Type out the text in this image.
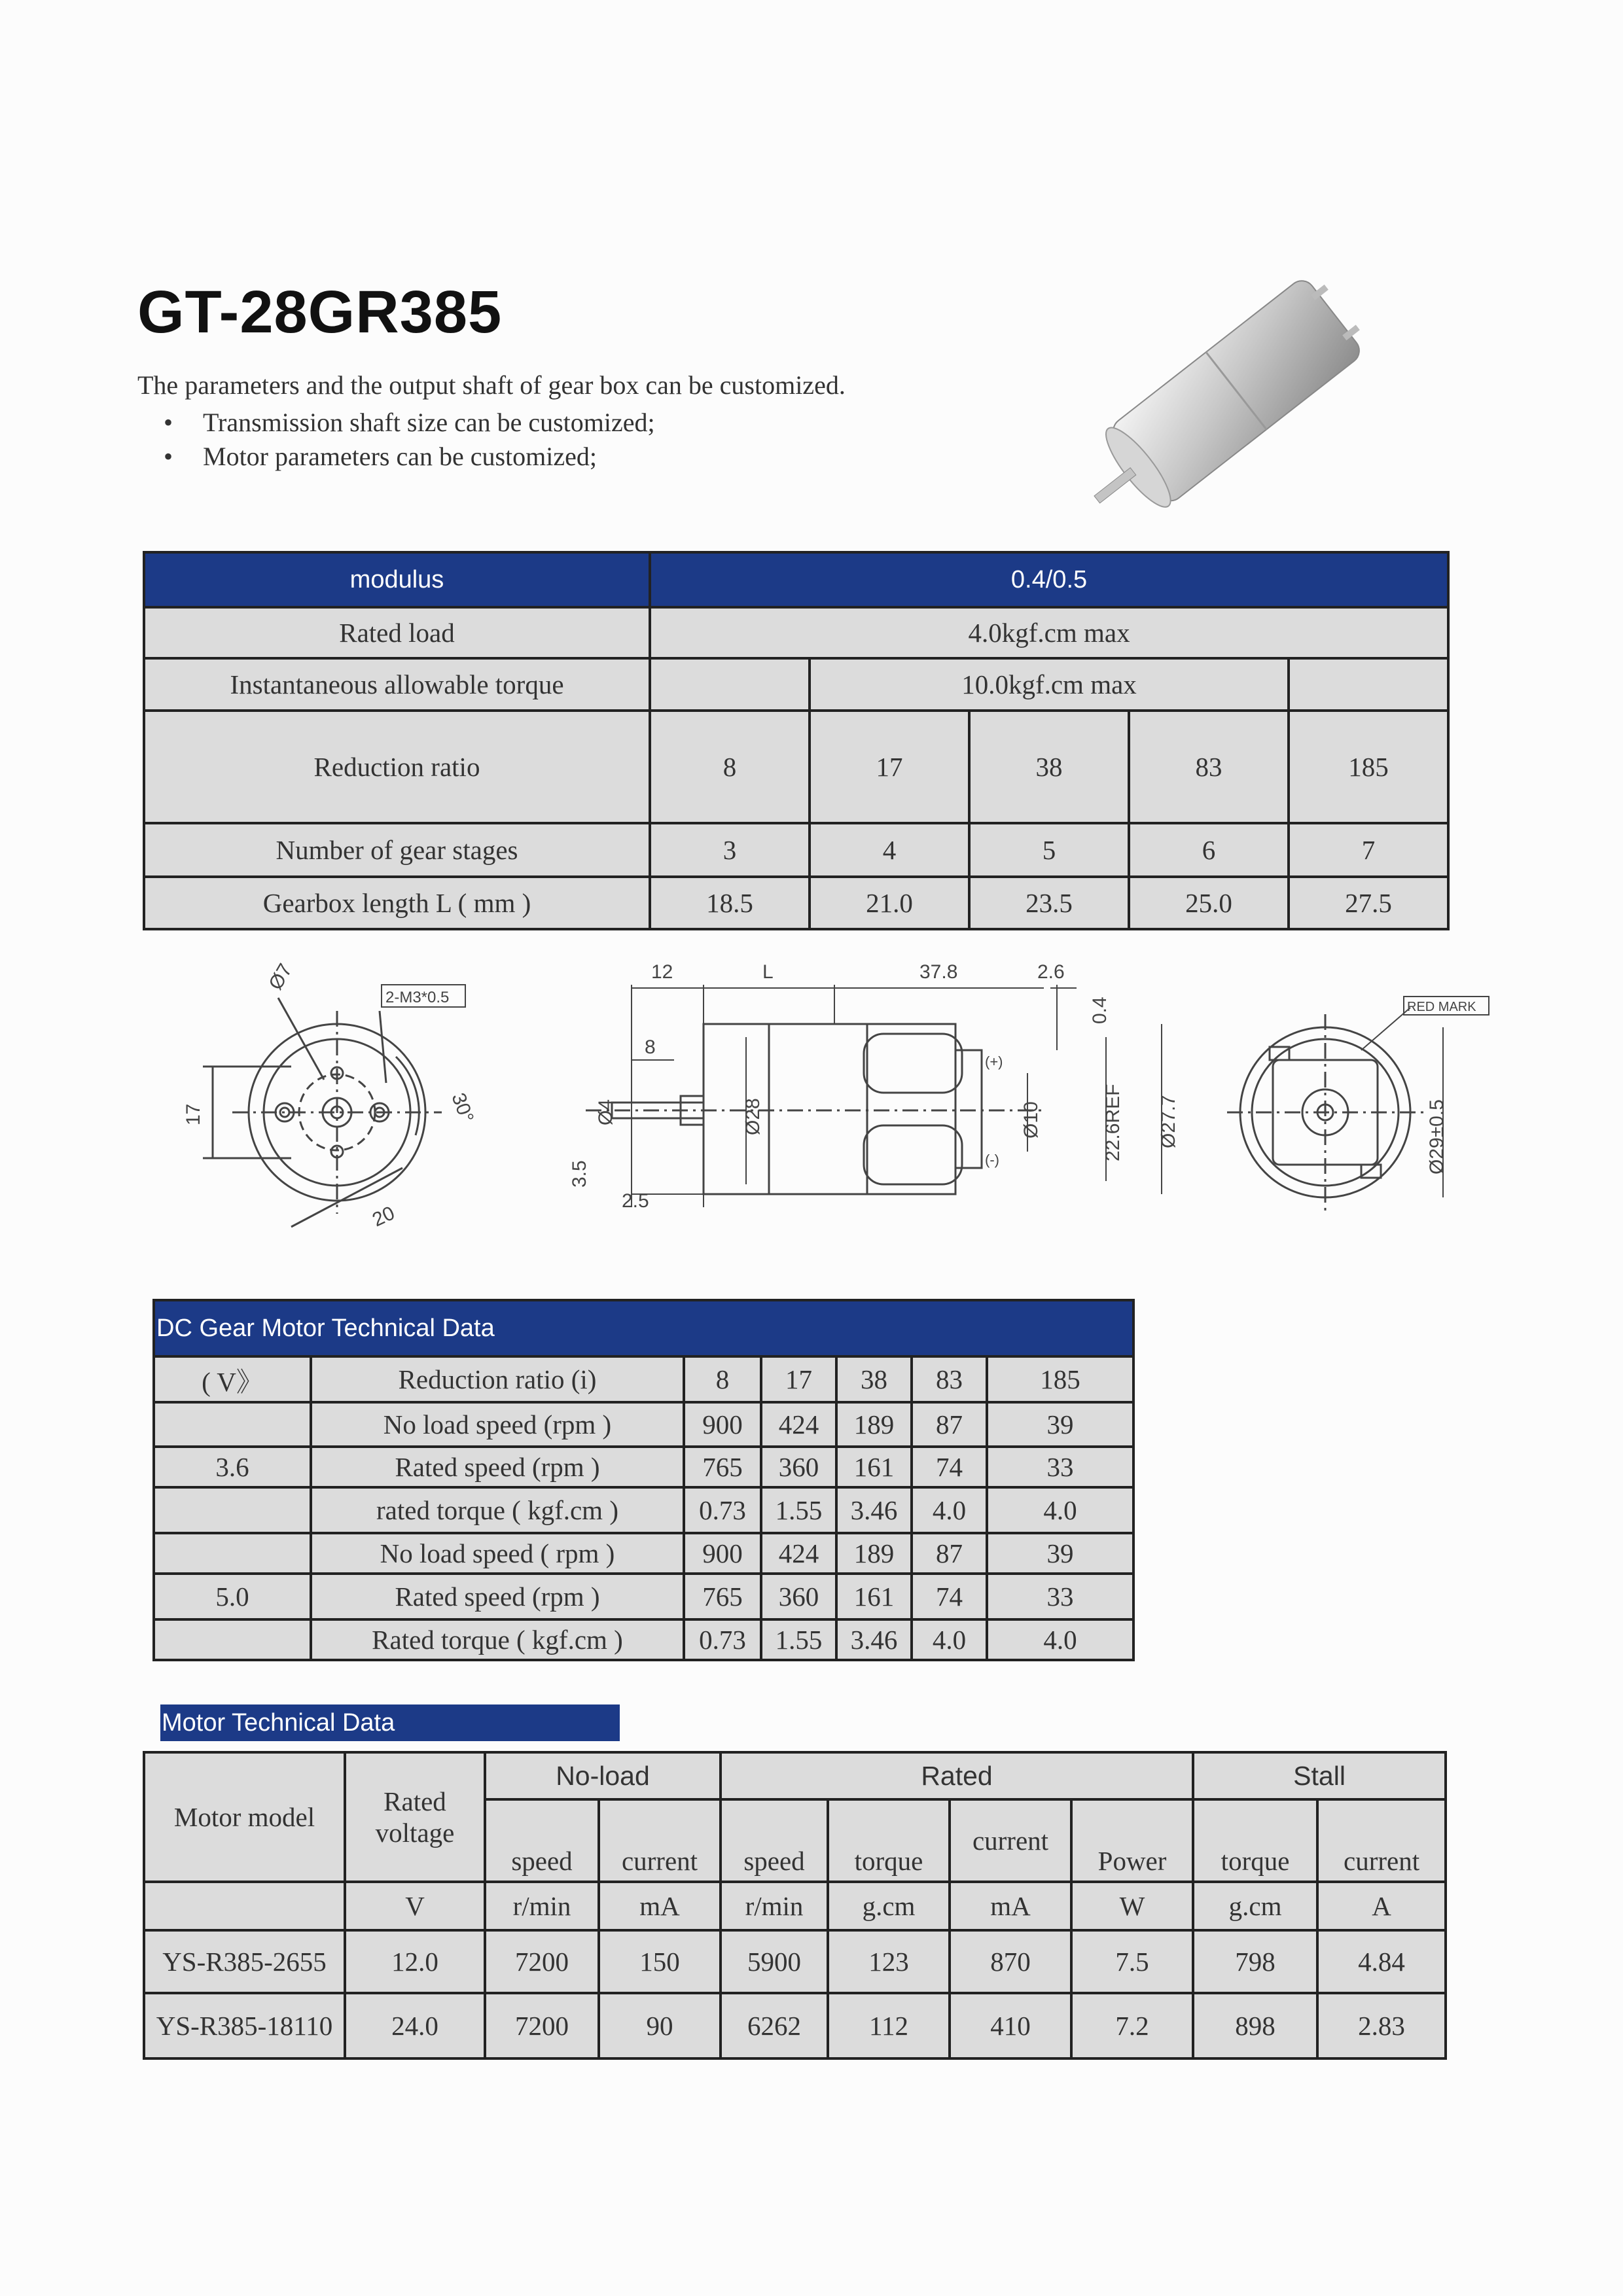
GT-28GR385
The parameters and the output shaft of gear box can be customized.
• Transmission shaft size can be customized;
• Motor parameters can be customized;
modulus	0.4/0.5				
Rated load	4.0kgf.cm max				
Instantaneous allowable torque		10.0kgf.cm max			
Reduction ratio	8	17	38	83	185
Number of gear stages	3	4	5	6	7
Gearbox length L ( mm )	18.5	21.0	23.5	25.0	27.5
Ø7
2-M3*0.5
30°
17
20
12	L	37.8	2.6
0.4
8
Ø4	Ø28
3.5
2.5
(+)
Ø10
(-)	22.6REF Ø27.7
RED MARK
Ø29±0.5
DC Gear Motor Technical Data						
( V》	Reduction ratio (i)	8	17	38	83	185
	No load speed (rpm )	900	424	189	87	39
3.6	Rated speed (rpm )	765	360	161	74	33
	rated torque ( kgf.cm )	0.73	1.55	3.46	4.0	4.0
	No load speed ( rpm )	900	424	189	87	39
5.0	Rated speed (rpm )	765	360	161	74	33
	Rated torque ( kgf.cm )	0.73	1.55	3.46	4.0	4.0
Motor Technical Data
Motor model	Rated voltage	No-load		Rated				Stall	
		speed	current	speed	torque	current	Power	torque	current
	V	r/min	mA	r/min	g.cm	mA	W	g.cm	A
YS-R385-2655	12.0	7200	150	5900	123	870	7.5	798	4.84
YS-R385-18110	24.0	7200	90	6262	112	410	7.2	898	2.83
